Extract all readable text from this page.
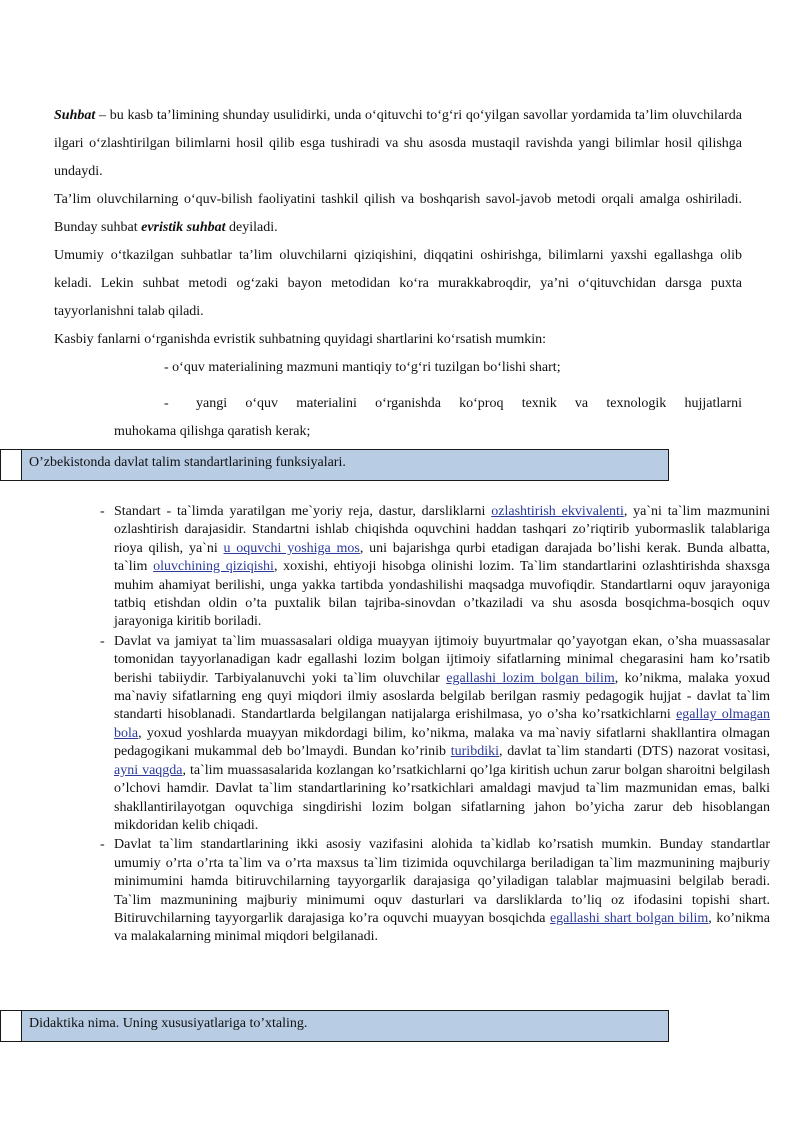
Suhbat – bu kasb ta’limining shunday usulidirki, unda o‘qituvchi to‘g‘ri qo‘yilgan savollar yordamida ta’lim oluvchilarda ilgari o‘zlashtirilgan bilimlarni hosil qilib esga tushiradi va shu asosda mustaqil ravishda yangi bilimlar hosil qilishga undaydi.

Ta’lim oluvchilarning o‘quv-bilish faoliyatini tashkil qilish va boshqarish savol-javob metodi orqali amalga oshiriladi. Bunday suhbat evristik suhbat deyiladi.

Umumiy o‘tkazilgan suhbatlar ta’lim oluvchilarni qiziqishini, diqqatini oshirishga, bilimlarni yaxshi egallashga olib keladi. Lekin suhbat metodi og‘zaki bayon metodidan ko‘ra murakkabroqdir, ya’ni o‘qituvchidan darsga puxta tayyorlanishni talab qiladi.

Kasbiy fanlarni o‘rganishda evristik suhbatning quyidagi shartlarini ko‘rsatish mumkin:

- o‘quv materialining mazmuni mantiqiy to‘g‘ri tuzilgan bo‘lishi shart;

-   yangi  o‘quv  materialini  o‘rganishda  ko‘proq  texnik  va  texnologik  hujjatlarni

muhokama qilishga qaratish kerak;

O’zbekistonda davlat talim standartlarining funksiyalari.

- Standart - ta`limda yaratilgan me`yoriy reja, dastur, darsliklarni ozlashtirish ekvivalenti, ya`ni ta`lim mazmunini ozlashtirish darajasidir. Standartni ishlab chiqishda oquvchini haddan tashqari zo’riqtirib yubormaslik talablariga rioya qilish, ya`ni u oquvchi yoshiga mos, uni bajarishga qurbi etadigan darajada bo’lishi kerak. Bunda albatta, ta`lim oluvchining qiziqishi, xoxishi, ehtiyoji hisobga olinishi lozim. Ta`lim standartlarini ozlashtirishda shaxsga muhim ahamiyat berilishi, unga yakka tartibda yondashilishi maqsadga muvofiqdir. Standartlarni oquv jarayoniga tatbiq etishdan oldin o’ta puxtalik bilan tajriba-sinovdan o’tkaziladi va shu asosda bosqichma-bosqich oquv jarayoniga kiritib boriladi.

- Davlat va jamiyat ta`lim muassasalari oldiga muayyan ijtimoiy buyurtmalar qo’yayotgan ekan, o’sha muassasalar tomonidan tayyorlanadigan kadr egallashi lozim bolgan ijtimoiy sifatlarning minimal chegarasini ham ko’rsatib berishi tabiiydir. Tarbiyalanuvchi yoki ta`lim oluvchilar egallashi lozim bolgan bilim, ko’nikma, malaka yoxud ma`naviy sifatlarning eng quyi miqdori ilmiy asoslarda belgilab berilgan rasmiy pedagogik hujjat - davlat ta`lim standarti hisoblanadi. Standartlarda belgilangan natijalarga erishilmasa, yo o’sha ko’rsatkichlarni egallay olmagan bola, yoxud yoshlarda muayyan mikdordagi bilim, ko’nikma, malaka va ma`naviy sifatlarni shakllantira olmagan pedagogikani mukammal deb bo’lmaydi. Bundan ko’rinib turibdiki, davlat ta`lim standarti (DTS) nazorat vositasi, ayni vaqgda, ta`lim muassasalarida kozlangan ko’rsatkichlarni qo’lga kiritish uchun zarur bolgan sharoitni belgilash o’lchovi hamdir. Davlat ta`lim standartlarining ko’rsatkichlari amaldagi mavjud ta`lim mazmunidan emas, balki shakllantirilayotgan oquvchiga singdirishi lozim bolgan sifatlarning jahon bo’yicha zarur deb hisoblangan mikdoridan kelib chiqadi.

- Davlat ta`lim standartlarining ikki asosiy vazifasini alohida ta`kidlab ko’rsatish mumkin. Bunday standartlar umumiy o’rta o’rta ta`lim va o’rta maxsus ta`lim tizimida oquvchilarga beriladigan ta`lim mazmunining majburiy minimumini hamda bitiruvchilarning tayyorgarlik darajasiga qo’yiladigan talablar majmuasini belgilab beradi. Ta`lim mazmunining majburiy minimumi oquv dasturlari va darsliklarda to’liq oz ifodasini topishi shart. Bitiruvchilarning tayyorgarlik darajasiga ko’ra oquvchi muayyan bosqichda egallashi shart bolgan bilim, ko’nikma va malakalarning minimal miqdori belgilanadi.

Didaktika nima. Uning xususiyatlariga to’xtaling.
